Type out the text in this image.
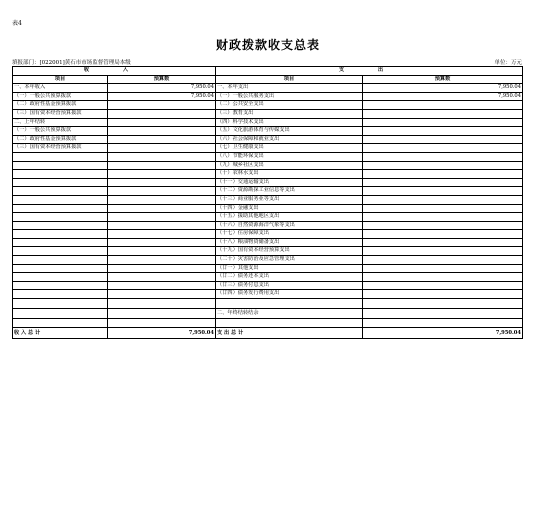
表4
财政拨款收支总表
填报部门：[022001]黄石市市场监督管理局本级	单位：万元
收 入		支 出	
项目	预算数	项目	预算数
一、本年收入	7,950.04	一、本年支出	7,950.04
（一）一般公共预算拨款	7,950.04	（一）一般公共服务支出	7,950.04
（二）政府性基金预算拨款		（二）公共安全支出	
（三）国有资本经营预算拨款		（三）教育支出	
二、上年结转		（四）科学技术支出	
（一）一般公共预算拨款		（五）文化旅游体育与传媒支出	
（二）政府性基金预算拨款		（六）社会保障和就业支出	
（三）国有资本经营预算拨款		（七）卫生健康支出	
		（八）节能环保支出	
		（九）城乡社区支出	
		（十）农林水支出	
		（十一）交通运输支出	
		（十二）资源勘探工业信息等支出	
		（十三）商业服务业等支出	
		（十四）金融支出	
		（十五）援助其他地区支出	
		（十六）自然资源海洋气象等支出	
		（十七）住房保障支出	
		（十八）粮油物资储备支出	
		（十九）国有资本经营预算支出	
		（二十）灾害防治及应急管理支出	
		（廿一）其他支出	
		（廿二）债务还本支出	
		（廿三）债务付息支出	
		（廿四）债务发行费用支出	

		二、年终结转结余	

收 入 总 计	7,950.04	支 出 总 计	7,950.04
